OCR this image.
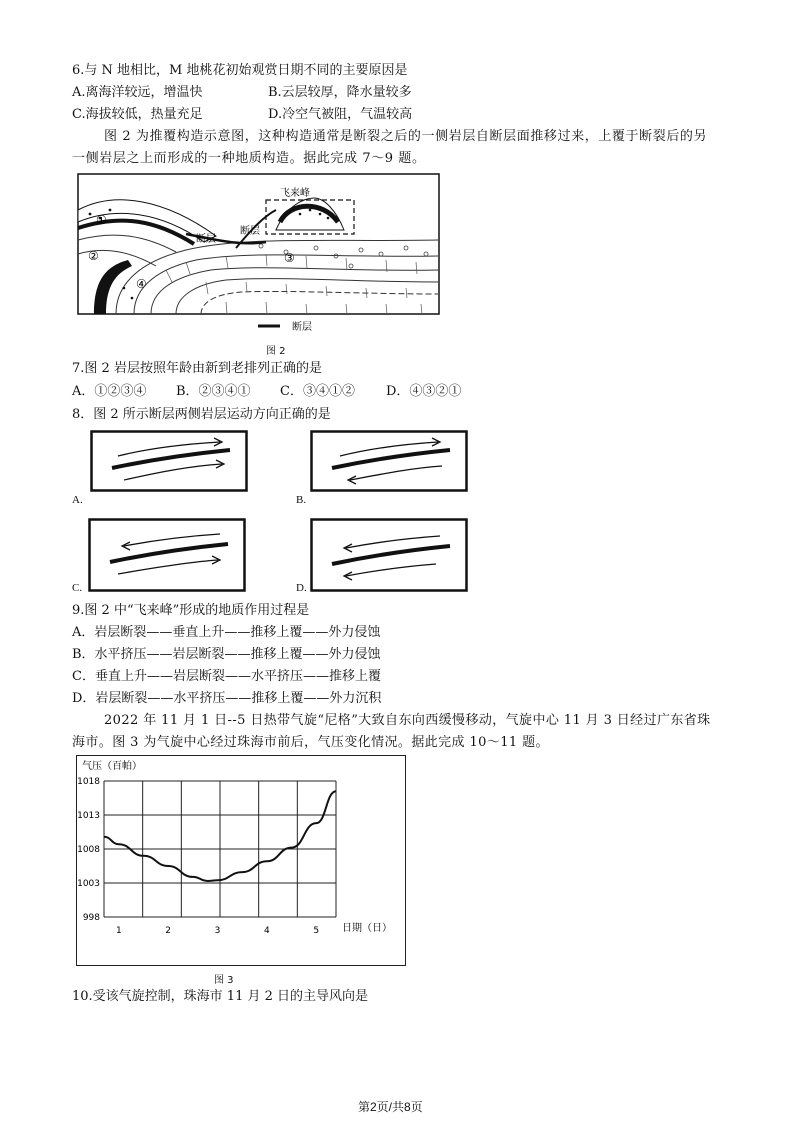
6.与 N 地相比，M 地桃花初始观赏日期不同的主要原因是
A.离海洋较远，增温快	B.云层较厚，降水量较多
C.海拔较低，热量充足	D.冷空气被阻，气温较高
图 2 为推覆构造示意图，这种构造通常是断裂之后的一侧岩层自断层面推移过来，上覆于断裂后的另
一侧岩层之上而形成的一种地质构造。据此完成 7～9 题。
飞来峰
断层
断层
①
②	③
④
断层
图 2
7.图 2 岩层按照年龄由新到老排列正确的是
A．①②③④ B．②③④① C．③④①② D．④③②①
8．图 2 所示断层两侧岩层运动方向正确的是
A.	B.
C.	D.
9.图 2 中“飞来峰”形成的地质作用过程是
A．岩层断裂——垂直上升——推移上覆——外力侵蚀
B．水平挤压——岩层断裂——推移上覆——外力侵蚀
C．垂直上升——岩层断裂——水平挤压——推移上覆
D．岩层断裂——水平挤压——推移上覆——外力沉积
2022 年 11 月 1 日--5 日热带气旋“尼格”大致自东向西缓慢移动，气旋中心 11 月 3 日经过广东省珠
海市。图 3 为气旋中心经过珠海市前后，气压变化情况。据此完成 10～11 题。
气压（百帕）
日期（日）
998
1003
1008
1013
1018
1	2	3	4	5
图 3
10.受该气旋控制，珠海市 11 月 2 日的主导风向是
第2页/共8页
